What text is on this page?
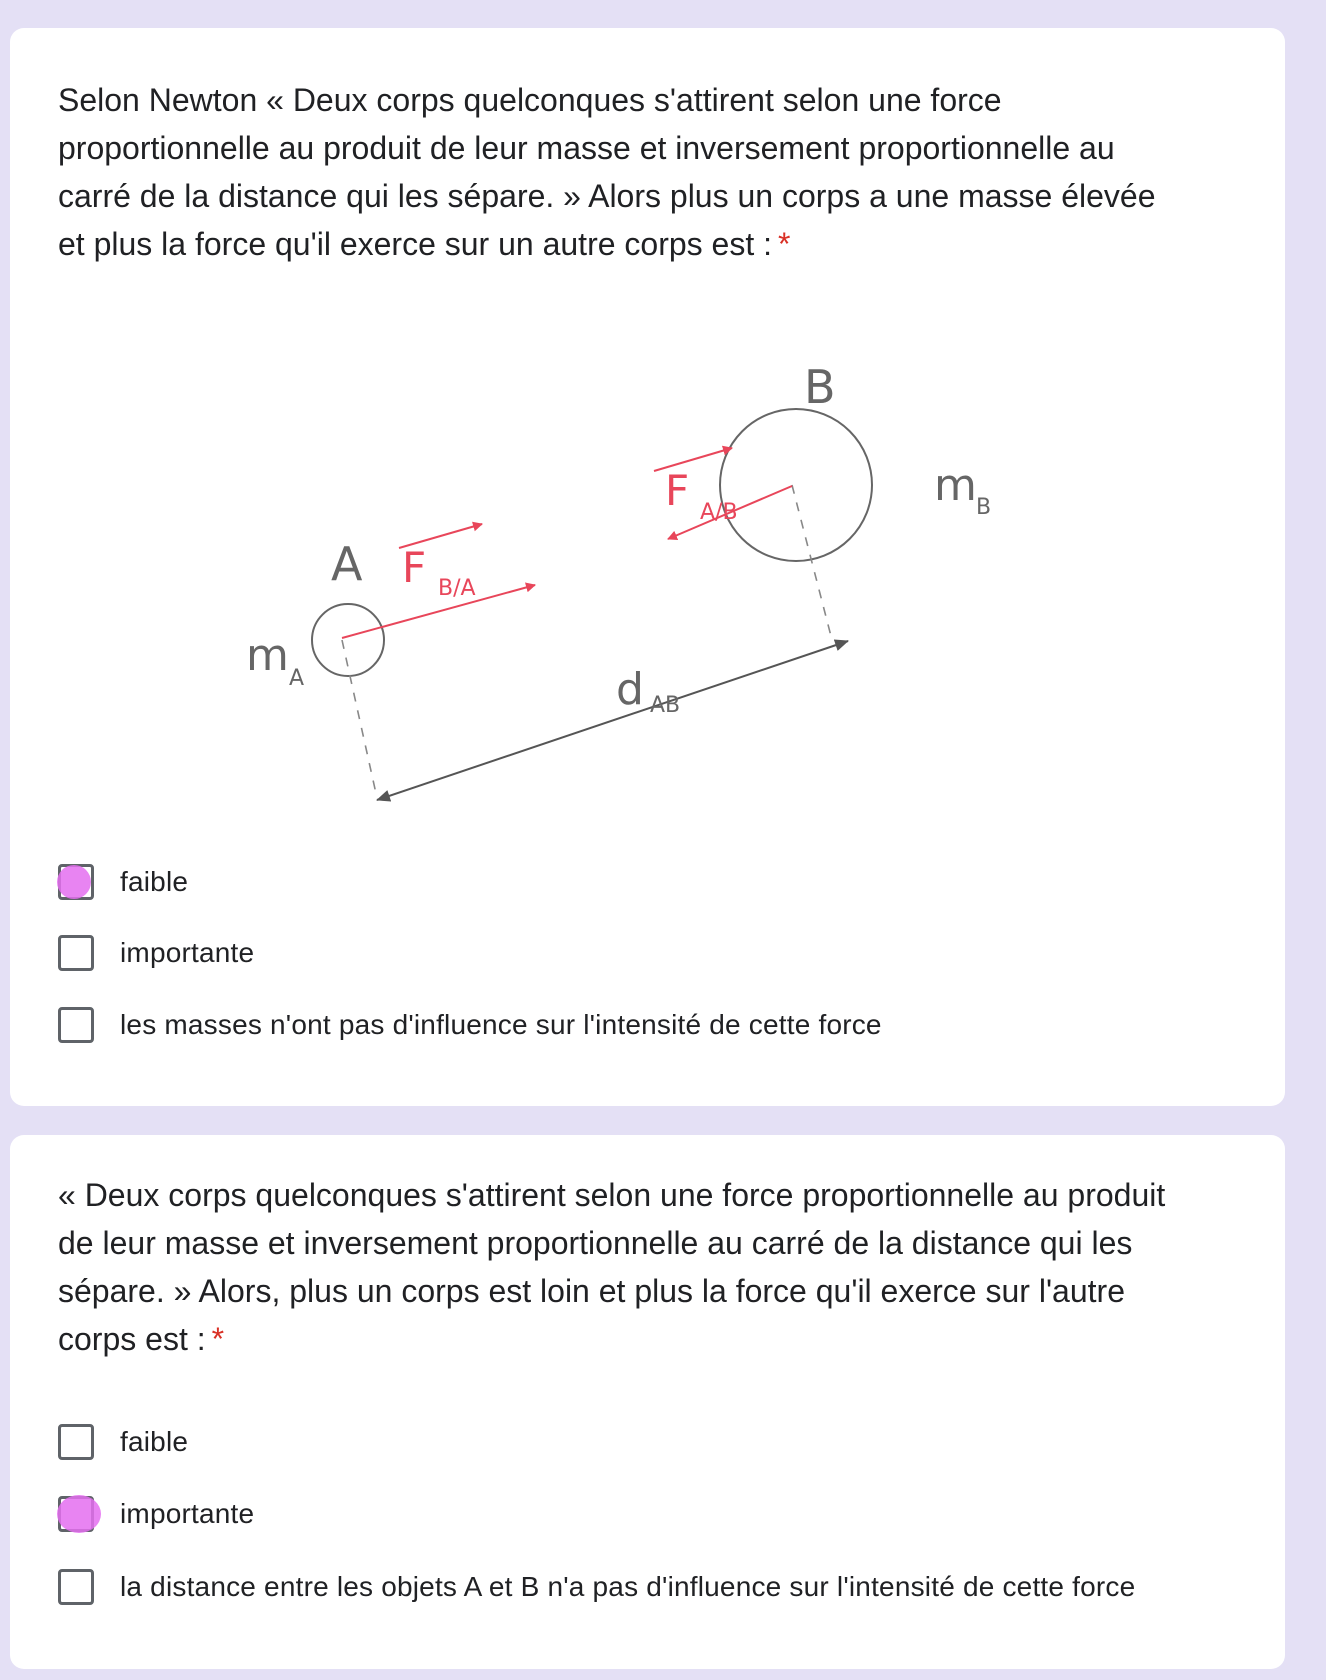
Selon Newton « Deux corps quelconques s'attirent selon une force proportionnelle au produit de leur masse et inversement proportionnelle au carré de la distance qui les sépare. » Alors plus un corps a une masse élevée et plus la force qu'il exerce sur un autre corps est : *

A
B
m A
m B
F B/A
F A/B
d AB
faible
importante
les masses n'ont pas d'influence sur l'intensité de cette force

« Deux corps quelconques s'attirent selon une force proportionnelle au produit de leur masse et inversement proportionnelle au carré de la distance qui les sépare. » Alors, plus un corps est loin et plus la force qu'il exerce sur l'autre corps est : *

faible
importante
la distance entre les objets A et B n'a pas d'influence sur l'intensité de cette force
